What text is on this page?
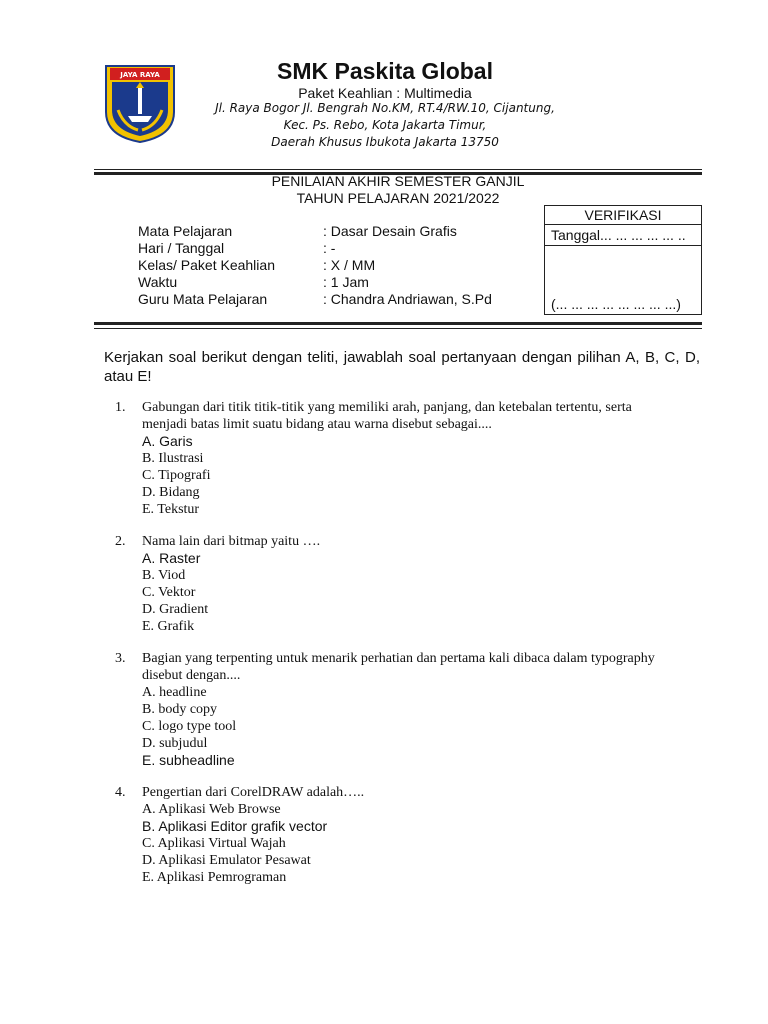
JAYA RAYA	SMK Paskita Global
Paket Keahlian : Multimedia
Jl. Raya Bogor Jl. Bengrah No.KM, RT.4/RW.10, Cijantung,
Kec. Ps. Rebo, Kota Jakarta Timur,
Daerah Khusus Ibukota Jakarta 13750
PENILAIAN AKHIR SEMESTER GANJIL
TAHUN PELAJARAN 2021/2022
Mata Pelajaran	: Dasar Desain Grafis
Hari / Tanggal	: -
Kelas/ Paket Keahlian	: X / MM
Waktu	: 1 Jam
Guru Mata Pelajaran	: Chandra Andriawan, S.Pd
VERIFIKASI
Tanggal... ... ... ... ... ..
(... ... ... ... ... ... ... ...)
Kerjakan soal berikut dengan teliti, jawablah soal pertanyaan dengan pilihan A, B, C, D, atau E!
1. Gabungan dari titik titik-titik yang memiliki arah, panjang, dan ketebalan tertentu, serta menjadi batas limit suatu bidang atau warna disebut sebagai....
A. Garis
B. Ilustrasi
C. Tipografi
D. Bidang
E. Tekstur
2. Nama lain dari bitmap yaitu ….
A. Raster
B. Viod
C. Vektor
D. Gradient
E. Grafik
3. Bagian yang terpenting untuk menarik perhatian dan pertama kali dibaca dalam typography disebut dengan....
A. headline
B. body copy
C. logo type tool
D. subjudul
E. subheadline
4. Pengertian dari CorelDRAW adalah…..
A. Aplikasi Web Browse
B. Aplikasi Editor grafik vector
C. Aplikasi Virtual Wajah
D. Aplikasi Emulator Pesawat
E. Aplikasi Pemrograman
